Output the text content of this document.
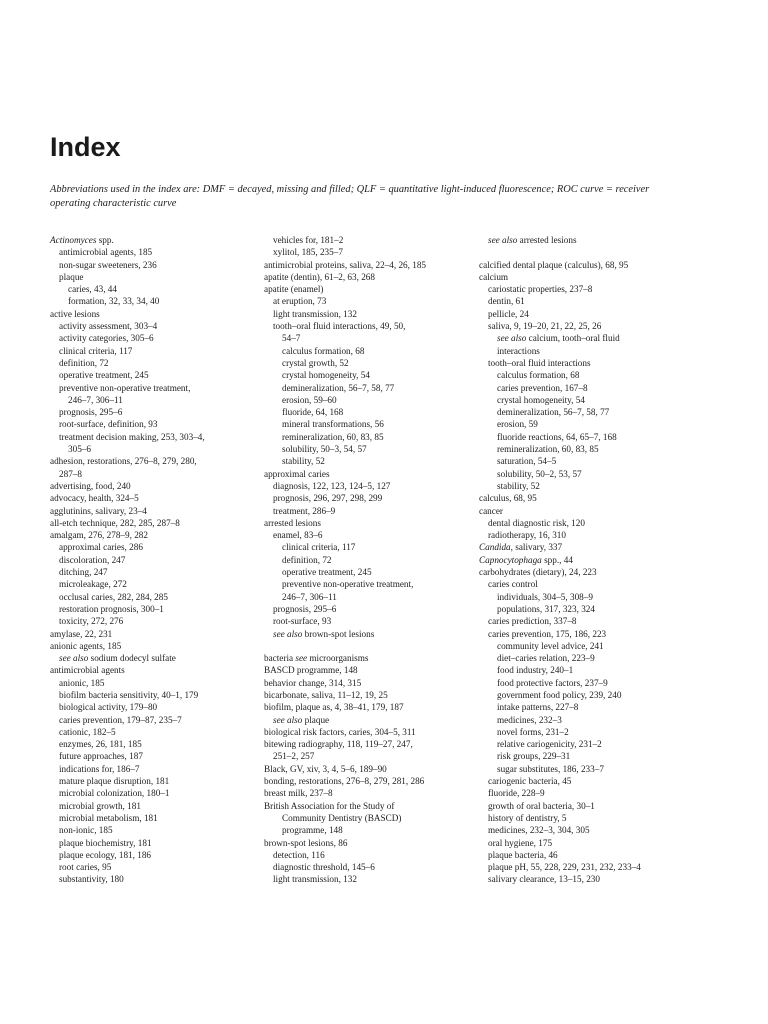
Index

Abbreviations used in the index are: DMF = decayed, missing and filled; QLF = quantitative light-induced fluorescence; ROC curve = receiver operating characteristic curve

Actinomyces spp.
antimicrobial agents, 185
non-sugar sweeteners, 236
plaque
caries, 43, 44
formation, 32, 33, 34, 40
active lesions
activity assessment, 303–4
activity categories, 305–6
clinical criteria, 117
definition, 72
operative treatment, 245
preventive non-operative treatment,
246–7, 306–11
prognosis, 295–6
root-surface, definition, 93
treatment decision making, 253, 303–4,
305–6
adhesion, restorations, 276–8, 279, 280,
287–8
advertising, food, 240
advocacy, health, 324–5
agglutinins, salivary, 23–4
all-etch technique, 282, 285, 287–8
amalgam, 276, 278–9, 282
approximal caries, 286
discoloration, 247
ditching, 247
microleakage, 272
occlusal caries, 282, 284, 285
restoration prognosis, 300–1
toxicity, 272, 276
amylase, 22, 231
anionic agents, 185
see also sodium dodecyl sulfate
antimicrobial agents
anionic, 185
biofilm bacteria sensitivity, 40–1, 179
biological activity, 179–80
caries prevention, 179–87, 235–7
cationic, 182–5
enzymes, 26, 181, 185
future approaches, 187
indications for, 186–7
mature plaque disruption, 181
microbial colonization, 180–1
microbial growth, 181
microbial metabolism, 181
non-ionic, 185
plaque biochemistry, 181
plaque ecology, 181, 186
root caries, 95
substantivity, 180
vehicles for, 181–2
xylitol, 185, 235–7
antimicrobial proteins, saliva, 22–4, 26, 185
apatite (dentin), 61–2, 63, 268
apatite (enamel)
at eruption, 73
light transmission, 132
tooth–oral fluid interactions, 49, 50,
54–7
calculus formation, 68
crystal growth, 52
crystal homogeneity, 54
demineralization, 56–7, 58, 77
erosion, 59–60
fluoride, 64, 168
mineral transformations, 56
remineralization, 60, 83, 85
solubility, 50–3, 54, 57
stability, 52
approximal caries
diagnosis, 122, 123, 124–5, 127
prognosis, 296, 297, 298, 299
treatment, 286–9
arrested lesions
enamel, 83–6
clinical criteria, 117
definition, 72
operative treatment, 245
preventive non-operative treatment,
246–7, 306–11
prognosis, 295–6
root-surface, 93
see also brown-spot lesions
bacteria see microorganisms
BASCD programme, 148
behavior change, 314, 315
bicarbonate, saliva, 11–12, 19, 25
biofilm, plaque as, 4, 38–41, 179, 187
see also plaque
biological risk factors, caries, 304–5, 311
bitewing radiography, 118, 119–27, 247,
251–2, 257
Black, GV, xiv, 3, 4, 5–6, 189–90
bonding, restorations, 276–8, 279, 281, 286
breast milk, 237–8
British Association for the Study of
Community Dentistry (BASCD)
programme, 148
brown-spot lesions, 86
detection, 116
diagnostic threshold, 145–6
light transmission, 132
see also arrested lesions
calcified dental plaque (calculus), 68, 95
calcium
cariostatic properties, 237–8
dentin, 61
pellicle, 24
saliva, 9, 19–20, 21, 22, 25, 26
see also calcium, tooth–oral fluid
interactions
tooth–oral fluid interactions
calculus formation, 68
caries prevention, 167–8
crystal homogeneity, 54
demineralization, 56–7, 58, 77
erosion, 59
fluoride reactions, 64, 65–7, 168
remineralization, 60, 83, 85
saturation, 54–5
solubility, 50–2, 53, 57
stability, 52
calculus, 68, 95
cancer
dental diagnostic risk, 120
radiotherapy, 16, 310
Candida, salivary, 337
Capnocytophaga spp., 44
carbohydrates (dietary), 24, 223
caries control
individuals, 304–5, 308–9
populations, 317, 323, 324
caries prediction, 337–8
caries prevention, 175, 186, 223
community level advice, 241
diet–caries relation, 223–9
food industry, 240–1
food protective factors, 237–9
government food policy, 239, 240
intake patterns, 227–8
medicines, 232–3
novel forms, 231–2
relative cariogenicity, 231–2
risk groups, 229–31
sugar substitutes, 186, 233–7
cariogenic bacteria, 45
fluoride, 228–9
growth of oral bacteria, 30–1
history of dentistry, 5
medicines, 232–3, 304, 305
oral hygiene, 175
plaque bacteria, 46
plaque pH, 55, 228, 229, 231, 232, 233–4
salivary clearance, 13–15, 230
